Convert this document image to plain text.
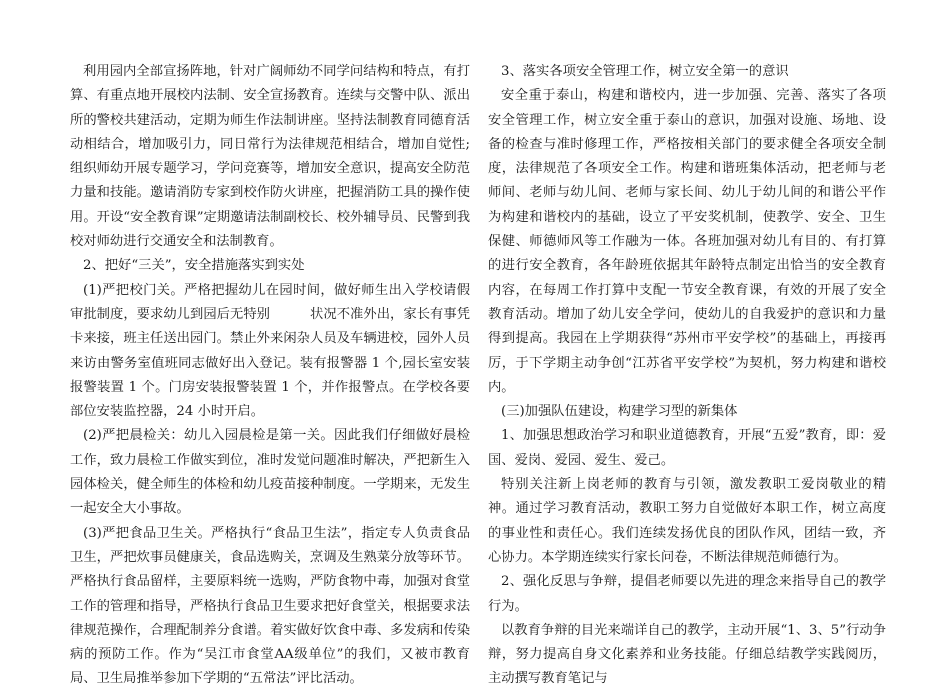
利用园内全部宣扬阵地，针对广阔师幼不同学问结构和特点，有打算、有重点地开展校内法制、安全宣扬教育。连续与交警中队、派出所的警校共建活动，定期为师生作法制讲座。坚持法制教育同德育活动相结合，增加吸引力，同日常行为法律规范相结合，增加自觉性;组织师幼开展专题学习，学问竞赛等，增加安全意识，提高安全防范力量和技能。邀请消防专家到校作防火讲座，把握消防工具的操作使用。开设“安全教育课”定期邀请法制副校长、校外辅导员、民警到我校对师幼进行交通安全和法制教育。

2、把好“三关”，安全措施落实到实处

(1)严把校门关。严格把握幼儿在园时间，做好师生出入学校请假审批制度，要求幼儿到园后无特别　　　状况不准外出，家长有事凭卡来接，班主任送出园门。禁止外来闲杂人员及车辆进校，园外人员来访由警务室值班同志做好出入登记。装有报警器 1 个,园长室安装报警装置 1 个。门房安装报警装置 1 个，并作报警点。在学校各要部位安装监控器，24 小时开启。

(2)严把晨检关：幼儿入园晨检是第一关。因此我们仔细做好晨检工作，致力晨检工作做实到位，准时发觉问题准时解决，严把新生入园体检关，健全师生的体检和幼儿疫苗接种制度。一学期来，无发生一起安全大小事故。

(3)严把食品卫生关。严格执行“食品卫生法”，指定专人负责食品卫生，严把炊事员健康关，食品选购关，烹调及生熟菜分放等环节。严格执行食品留样，主要原料统一选购，严防食物中毒，加强对食堂工作的管理和指导，严格执行食品卫生要求把好食堂关，根据要求法律规范操作，合理配制养分食谱。着实做好饮食中毒、多发病和传染病的预防工作。作为“吴江市食堂AA级单位”的我们，又被市教育局、卫生局推举参加下学期的“五常法”评比活动。

3、落实各项安全管理工作，树立安全第一的意识

安全重于泰山，构建和谐校内，进一步加强、完善、落实了各项安全管理工作，树立安全重于泰山的意识，加强对设施、场地、设备的检查与准时修理工作，严格按相关部门的要求健全各项安全制度，法律规范了各项安全工作。构建和谐班集体活动，把老师与老师间、老师与幼儿间、老师与家长间、幼儿于幼儿间的和谐公平作为构建和谐校内的基础，设立了平安奖机制，使教学、安全、卫生保健、师德师风等工作融为一体。各班加强对幼儿有目的、有打算的进行安全教育，各年龄班依据其年龄特点制定出恰当的安全教育内容，在每周工作打算中支配一节安全教育课，有效的开展了安全教育活动。增加了幼儿安全学问，使幼儿的自我爱护的意识和力量得到提高。我园在上学期获得“苏州市平安学校”的基础上，再接再厉，于下学期主动争创“江苏省平安学校”为契机，努力构建和谐校内。

(三)加强队伍建设，构建学习型的新集体

1、加强思想政治学习和职业道德教育，开展“五爱”教育，即：爱国、爱岗、爱园、爱生、爱己。

特别关注新上岗老师的教育与引领，激发教职工爱岗敬业的精神。通过学习教育活动，教职工努力自觉做好本职工作，树立高度的事业性和责任心。我们连续发扬优良的团队作风，团结一致，齐心协力。本学期连续实行家长问卷，不断法律规范师德行为。

2、强化反思与争辩，提倡老师要以先进的理念来指导自己的教学行为。

以教育争辩的目光来端详自己的教学，主动开展“1、3、5”行动争辩，努力提高自身文化素养和业务技能。仔细总结教学实践阅历，主动撰写教育笔记与
